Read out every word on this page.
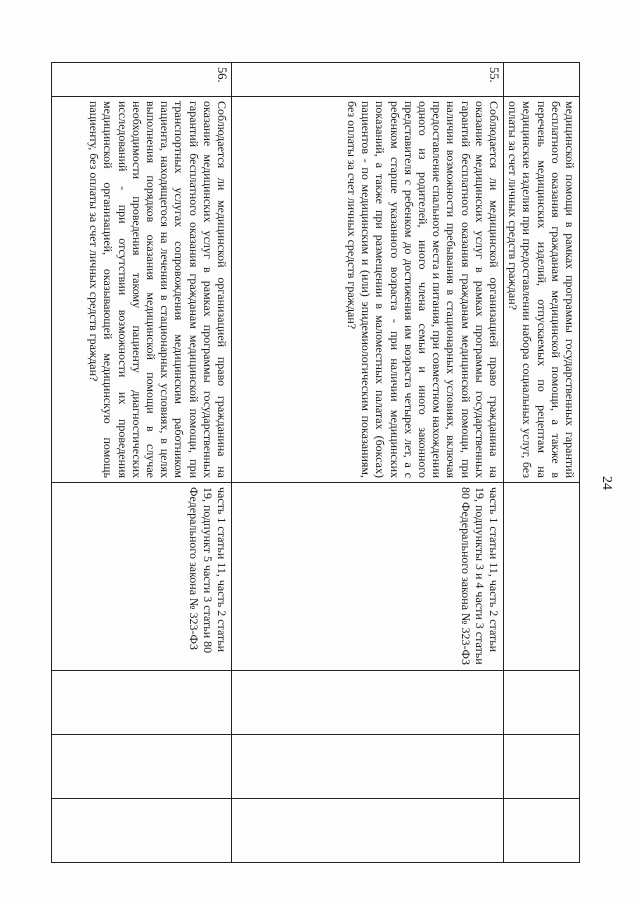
24
	медицинской помощи в рамках программы государственных гарантий бесплатного оказания гражданам медицинской помощи, а также в перечень медицинских изделий, отпускаемых по рецептам на медицинские изделия при предоставлении набора социальных услуг, без оплаты за счет личных средств граждан?				
55.	Соблюдается ли медицинской организацией право гражданина на оказание медицинских услуг в рамках программы государственных гарантий бесплатного оказания гражданам медицинской помощи, при наличии возможности пребывания в стационарных условиях, включая предоставление спального места и питания, при совместном нахождении одного из родителей, иного члена семьи и иного законного представителя с ребенком до достижения им возраста четырех лет, а с ребенком старше указанного возраста - при наличии медицинских показаний, а также при размещении в маломестных палатах (боксах) пациентов - по медицинским и (или) эпидемиологическим показаниям, без оплаты за счет личных средств граждан?	часть 1 статьи 11, часть 2 статьи 19, подпункты 3 и 4 части 3 статьи 80 Федерального закона № 323-ФЗ			
56.	Соблюдается ли медицинской организацией право гражданина на оказание медицинских услуг в рамках программы государственных гарантий бесплатного оказания гражданам медицинской помощи, при транспортных услугах сопровождения медицинским работником пациента, находящегося на лечении в стационарных условиях, в целях выполнения порядков оказания медицинской помощи в случае необходимости проведения такому пациенту диагностических исследований - при отсутствии возможности их проведения медицинской организацией, оказывающей медицинскую помощь пациенту, без оплаты за счет личных средств граждан?	часть 1 статьи 11, часть 2 статьи 19, подпункт 5 части 3 статьи 80 Федерального закона № 323-ФЗ			
